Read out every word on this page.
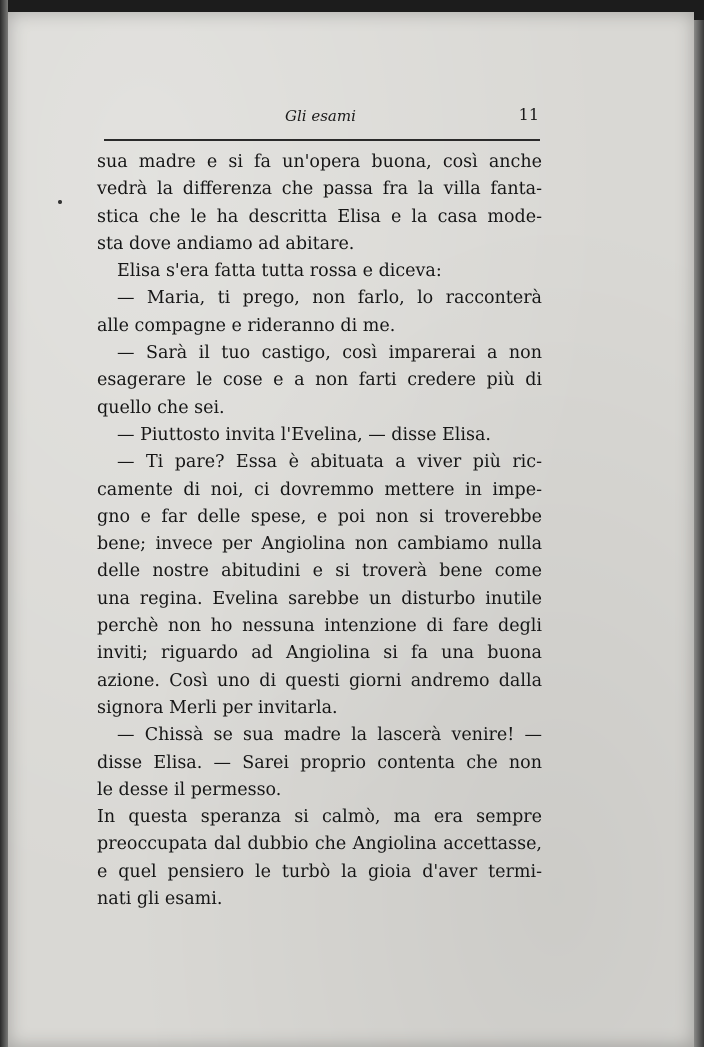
Gli esami	11
sua madre e si fa un'opera buona, così anche
vedrà la differenza che passa fra la villa fanta-
stica che le ha descritta Elisa e la casa mode-
sta dove andiamo ad abitare.
Elisa s'era fatta tutta rossa e diceva:
— Maria, ti prego, non farlo, lo racconterà
alle compagne e rideranno di me.
— Sarà il tuo castigo, così imparerai a non
esagerare le cose e a non farti credere più di
quello che sei.
— Piuttosto invita l'Evelina, — disse Elisa.
— Ti pare? Essa è abituata a viver più ric-
camente di noi, ci dovremmo mettere in impe-
gno e far delle spese, e poi non si troverebbe
bene; invece per Angiolina non cambiamo nulla
delle nostre abitudini e si troverà bene come
una regina. Evelina sarebbe un disturbo inutile
perchè non ho nessuna intenzione di fare degli
inviti; riguardo ad Angiolina si fa una buona
azione. Così uno di questi giorni andremo dalla
signora Merli per invitarla.
— Chissà se sua madre la lascerà venire! —
disse Elisa. — Sarei proprio contenta che non
le desse il permesso.
In questa speranza si calmò, ma era sempre
preoccupata dal dubbio che Angiolina accettasse,
e quel pensiero le turbò la gioia d'aver termi-
nati gli esami.
